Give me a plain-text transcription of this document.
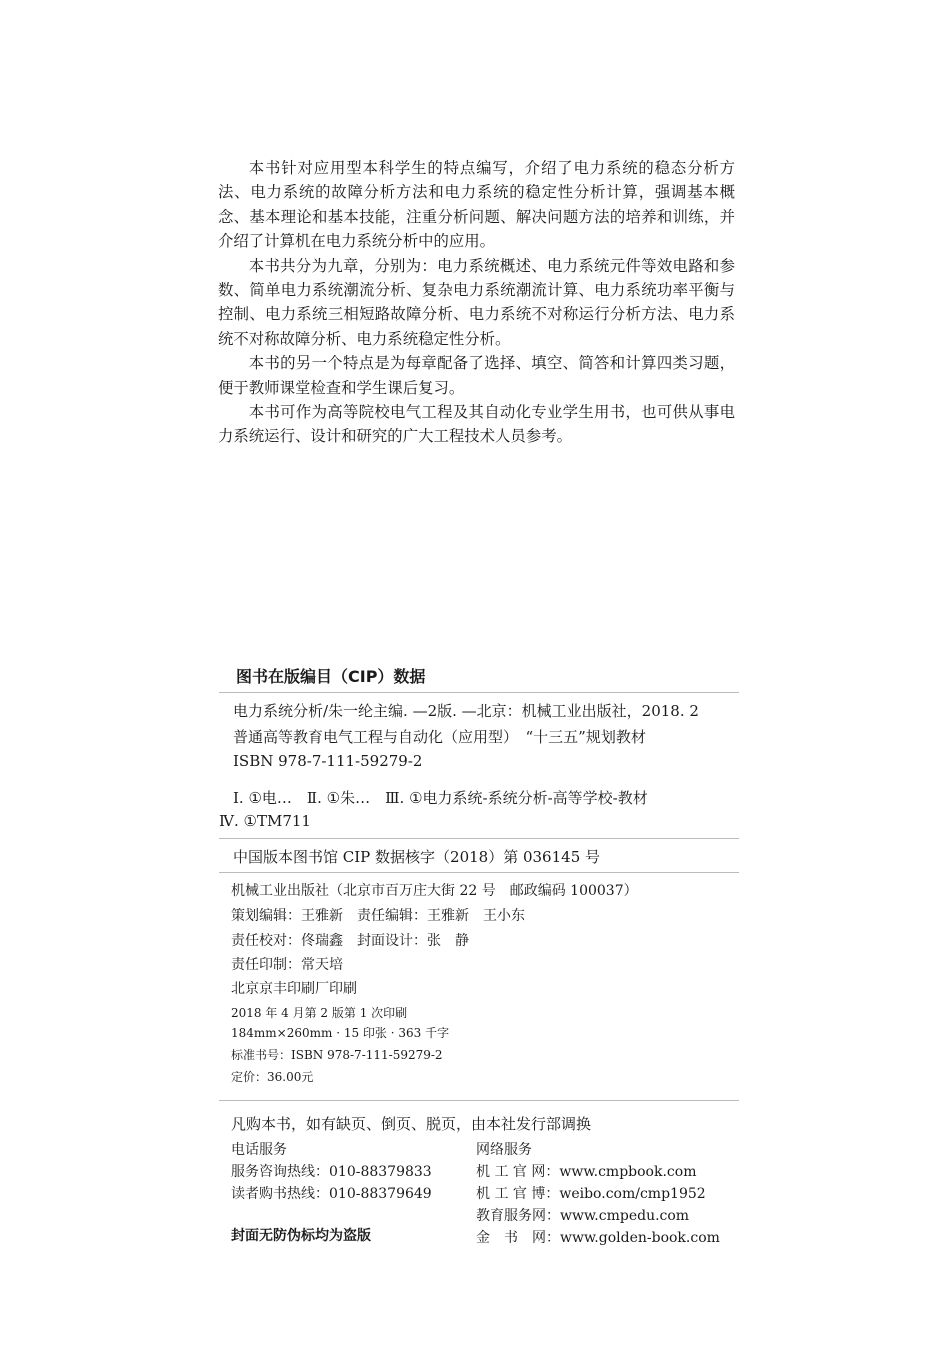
本书针对应用型本科学生的特点编写，介绍了电力系统的稳态分析方法、电力系统的故障分析方法和电力系统的稳定性分析计算，强调基本概念、基本理论和基本技能，注重分析问题、解决问题方法的培养和训练，并介绍了计算机在电力系统分析中的应用。

本书共分为九章，分别为：电力系统概述、电力系统元件等效电路和参数、简单电力系统潮流分析、复杂电力系统潮流计算、电力系统功率平衡与控制、电力系统三相短路故障分析、电力系统不对称运行分析方法、电力系统不对称故障分析、电力系统稳定性分析。

本书的另一个特点是为每章配备了选择、填空、简答和计算四类习题，便于教师课堂检查和学生课后复习。

本书可作为高等院校电气工程及其自动化专业学生用书，也可供从事电力系统运行、设计和研究的广大工程技术人员参考。

图书在版编目（CIP）数据
电力系统分析/朱一纶主编. —2版. —北京：机械工业出版社，2018. 2
普通高等教育电气工程与自动化（应用型）　“十三五”规划教材
ISBN 978-7-111-59279-2
Ⅰ. ①电…　Ⅱ. ①朱…　Ⅲ. ①电力系统-系统分析-高等学校-教材
Ⅳ. ①TM711
中国版本图书馆 CIP 数据核字（2018）第 036145 号
机械工业出版社（北京市百万庄大街 22 号　邮政编码 100037）
策划编辑：王雅新　责任编辑：王雅新　王小东
责任校对：佟瑞鑫　封面设计：张　静
责任印制：常天培
北京京丰印刷厂印刷
2018 年 4 月第 2 版第 1 次印刷
184mm×260mm · 15 印张 · 363 千字
标准书号：ISBN 978-7-111-59279-2
定价：36.00元
凡购本书，如有缺页、倒页、脱页，由本社发行部调换
电话服务
服务咨询热线：010-88379833
读者购书热线：010-88379649
封面无防伪标均为盗版
网络服务
机 工 官 网：www.cmpbook.com
机 工 官 博：weibo.com/cmp1952
教育服务网：www.cmpedu.com
金　书　网：www.golden-book.com
